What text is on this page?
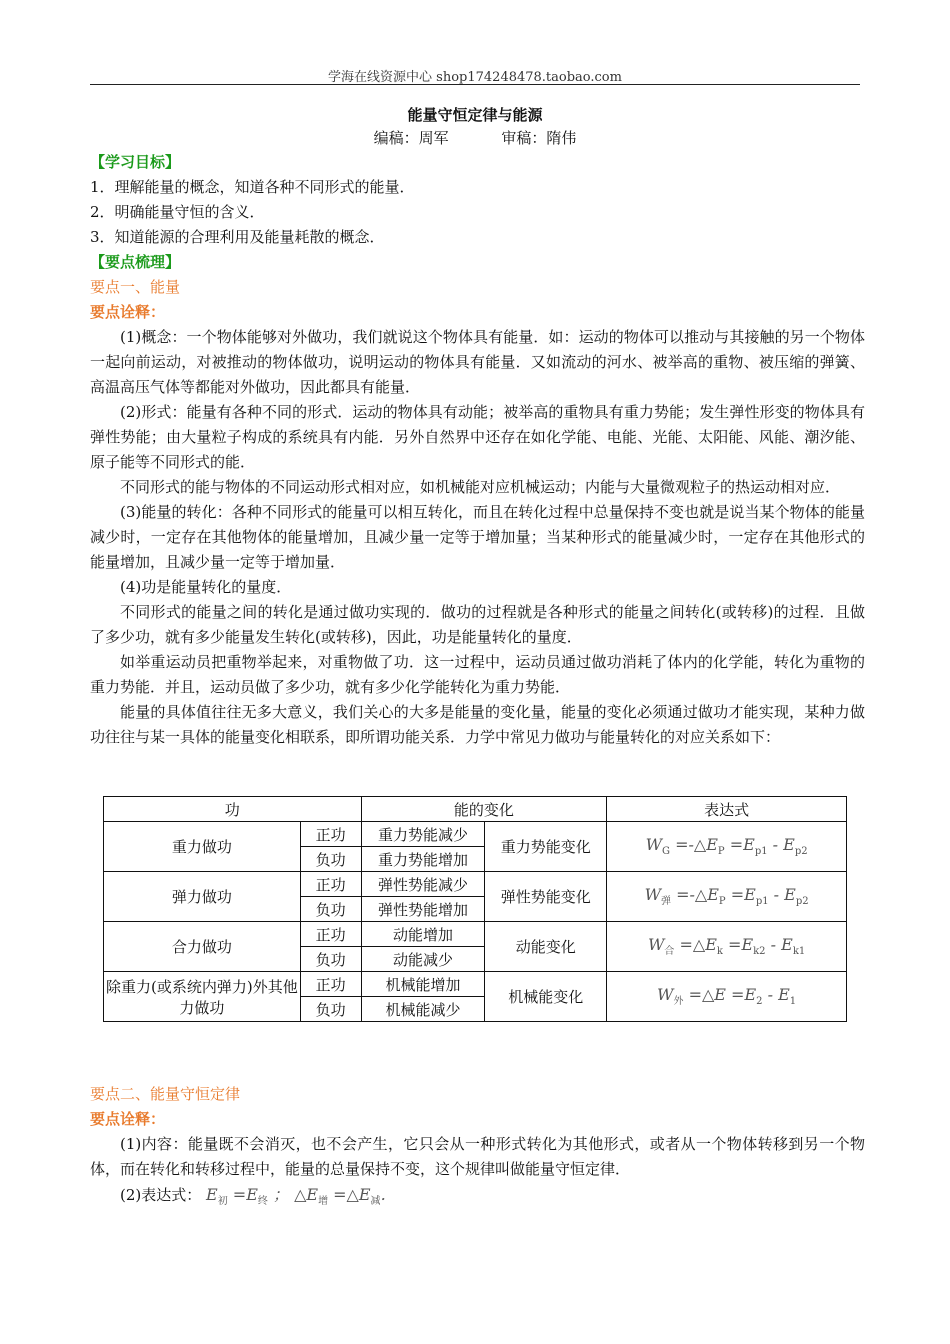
学海在线资源中心 shop174248478.taobao.com
能量守恒定律与能源
编稿：周军	审稿：隋伟
【学习目标】
1．理解能量的概念，知道各种不同形式的能量．
2．明确能量守恒的含义．
3．知道能源的合理利用及能量耗散的概念．
【要点梳理】
要点一、能量
要点诠释：
(1)概念：一个物体能够对外做功，我们就说这个物体具有能量．如：运动的物体可以推动与其接触的另一个物体一起向前运动，对被推动的物体做功，说明运动的物体具有能量．又如流动的河水、被举高的重物、被压缩的弹簧、高温高压气体等都能对外做功，因此都具有能量．
(2)形式：能量有各种不同的形式．运动的物体具有动能；被举高的重物具有重力势能；发生弹性形变的物体具有弹性势能；由大量粒子构成的系统具有内能．另外自然界中还存在如化学能、电能、光能、太阳能、风能、潮汐能、原子能等不同形式的能．
不同形式的能与物体的不同运动形式相对应，如机械能对应机械运动；内能与大量微观粒子的热运动相对应．
(3)能量的转化：各种不同形式的能量可以相互转化，而且在转化过程中总量保持不变也就是说当某个物体的能量减少时，一定存在其他物体的能量增加，且减少量一定等于增加量；当某种形式的能量减少时，一定存在其他形式的能量增加，且减少量一定等于增加量．
(4)功是能量转化的量度．
不同形式的能量之间的转化是通过做功实现的．做功的过程就是各种形式的能量之间转化(或转移)的过程．且做了多少功，就有多少能量发生转化(或转移)，因此，功是能量转化的量度．
如举重运动员把重物举起来，对重物做了功．这一过程中，运动员通过做功消耗了体内的化学能，转化为重物的重力势能．并且，运动员做了多少功，就有多少化学能转化为重力势能．
能量的具体值往往无多大意义，我们关心的大多是能量的变化量，能量的变化必须通过做功才能实现，某种力做功往往与某一具体的能量变化相联系，即所谓功能关系．力学中常见力做功与能量转化的对应关系如下：
功		能的变化		表达式
重力做功	正功	重力势能减少	重力势能变化	$W_G$ $=-\triangle E_P =E_{p1} - E_{p2}$
	负功	重力势能增加		
弹力做功	正功	弹性势能减少	弹性势能变化	$W_弹$ $=-\triangle E_P =E_{p1} - E_{p2}$
	负功	弹性势能增加		
合力做功	正功	动能增加	动能变化	$W_合$ $=\triangle E_k =E_{k2} - E_{k1}$
	负功	动能减少		
除重力(或系统内弹力)外其他力做功	正功	机械能增加	机械能变化	$W_外$ =△E $=E_2 - E_1$
	负功	机械能减少		
要点二、能量守恒定律
要点诠释：
(1)内容：能量既不会消灭，也不会产生，它只会从一种形式转化为其他形式，或者从一个物体转移到另一个物体，而在转化和转移过程中，能量的总量保持不变，这个规律叫做能量守恒定律．
(2)表达式： $E_初 =E_终$ ； $\triangle E_增$ $=\triangle E_减$．
